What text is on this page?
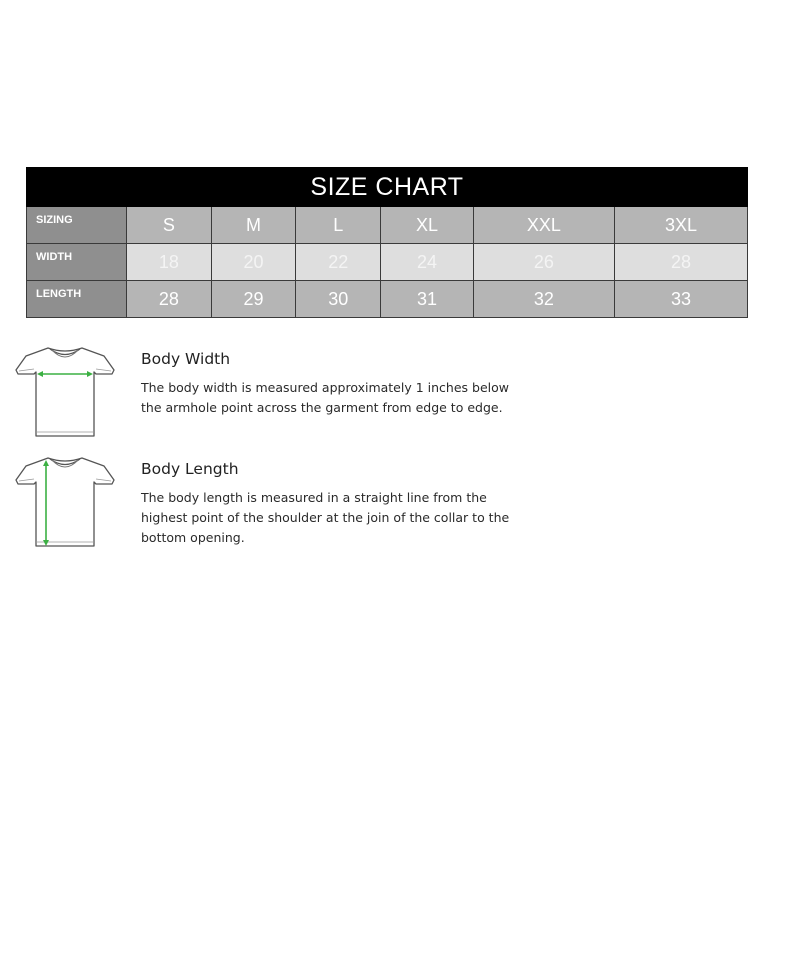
SIZE CHART						
SIZING	S	M	L	XL	XXL	3XL
WIDTH	18	20	22	24	26	28
LENGTH	28	29	30	31	32	33
Body Width
The body width is measured approximately 1 inches below the armhole point across the garment from edge to edge.
Body Length
The body length is measured in a straight line from the highest point of the shoulder at the join of the collar to the bottom opening.
